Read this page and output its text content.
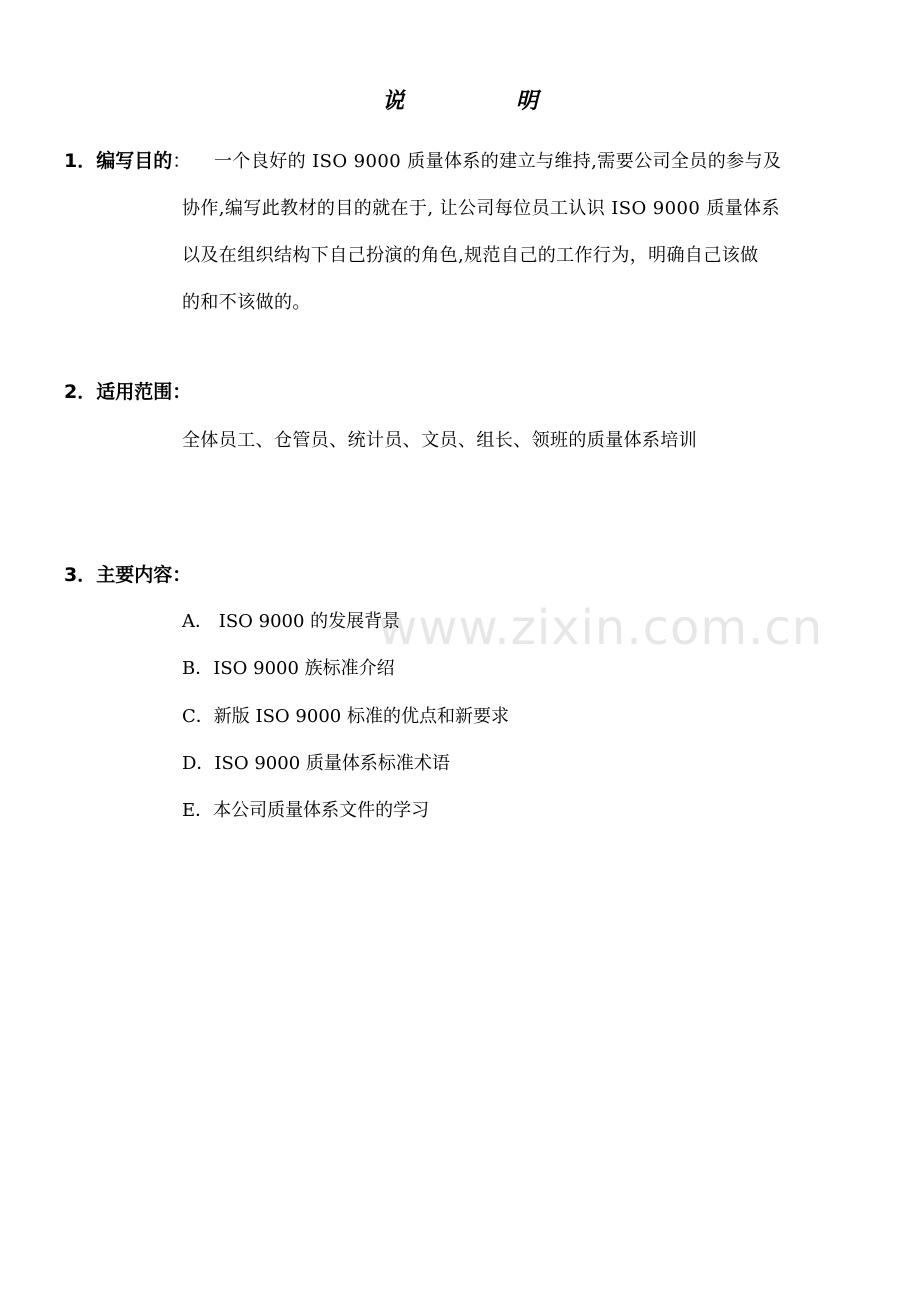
说 明
1．编写目的： 一个良好的 ISO 9000 质量体系的建立与维持,需要公司全员的参与及
协作,编写此教材的目的就在于, 让公司每位员工认识 ISO 9000 质量体系
以及在组织结构下自己扮演的角色,规范自己的工作行为，明确自己该做
的和不该做的。
2．适用范围：
全体员工、仓管员、统计员、文员、组长、领班的质量体系培训
3．主要内容：
A． ISO 9000 的发展背景
B．ISO 9000 族标准介绍
C．新版 ISO 9000 标准的优点和新要求
D．ISO 9000 质量体系标准术语
E．本公司质量体系文件的学习
www.zixin.com.cn
